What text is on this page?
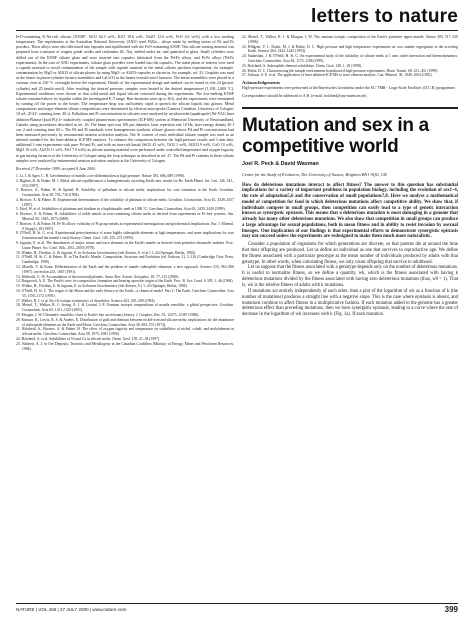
letters to nature

FeO-containing K-Na-rich silicate ('KNSF': SiO2 64.3 wt%, K2O 18.6 wt%, Na2O 12.6 wt%, FeO 4.6 wt%) with a low melting temperature. The experiments at the Australian National University (ANU) used H2Ge... alloys made by melting mixes of Pd and Fe powders. These alloys were also fabricated into capsules and equilibrated with the FeO-containing KNSF. This silicate starting material was prepared from a mixture of reagent grade oxides and carbonates (K, Na), melted under air, and quenched to glass. Small cylinders were drilled out of the KNSF silicate glass and were inserted into capsules fabricated from the Pd-Fe alloys, and Pt-Fe alloys (Pd-Fe experiments). In the case of ANU experiments, silicate glass powders were loaded into the capsules. The metal phase of interest were used a capsule material to avoid contamination of the sample with capsule material in the metal–silicate partition experiments; for example, contamination by MgO or Al2O3 of silicate phases by using MgO- or Al2O3-capsules as shown in, for example, ref. 23. Graphite was used as the heater in piston-cylinder furnace assemblies and LaCrO3 as the heater in multi-anvil furnaces. The entire assemblies were placed in a vacuum oven at 230 °C overnight before the experiment. Details of the experimental design and method can be found in refs 24 (piston-cylinder) and 25 (multi-anvil). After reaching the desired pressure, samples were heated to the desired temperatures (1,100–1,600 °C). Experimental conditions were chosen so that solid metal and liquid silicate coexisted during the experiments. The low-melting KNSF silicate remained above its liquidus within the investigated P–T range. Run durations were up to 36 h, and the experiments were terminated by turning off the power to the heater. The temperature drop was sufficiently rapid to quench the silicate liquids into glasses. Metal compositions and major-element silicate compositions were determined by electron microprobe (Cameca Camebax, University of Cologne; 10 nA, 20 kV, counting time: 40 s). Palladium and Pt concentrations in silicates were analysed by an ultraviolet (quadrupole) Nd-YAG laser ablation-Plasma Quad PQ-2+ inductively coupled plasma-mass spectrometer (ICP-MS) system at Memorial University of Newfoundland, Canada, using procedures described in ref. 26. The beam spot was 100 μm diameter, laser repetition rate 10 Hz, laser energy density 40 J cm−2 and counting time 60 s. The Pd and Pt standards were homogeneous synthetic silicate glasses whose Pd and Pt concentrations had been measured previously by instrumental neutron activation analysis. The Si content of each individual silicate sample was used as an internal standard for the laser-ablation ICP-MS analyses. To enhance the comparison between the high-pressure results and 1-atm data, additional 1-atm experiments with pure Pd and Pt, and with an iron-rich basalt (SiO2 45 wt%, TiO2 1 wt%, Al2O3 9 wt%, CaO 10 wt%, MgO 10 wt%, Al2O3 11 wt%, FeO 7.0 wt%) as silicate starting material were performed under controlled temperature and oxygen fugacity in gas mixing furnaces at the University of Cologne using the loop technique as described in ref. 27. The Pd and Pt contents in these silicate samples were analysed by instrumental neutron activation analysis at the University of Cologne.

Received 27 December 1999; accepted 8 June 2000.

1. Li, J. & Agee, C. B. Geochemistry of mantle–core differentiation at high pressure. Nature 381, 686–689 (1996).
2. Righter, K. & Drake, M. J. Metal–silicate equilibrium in a homogeneously accreting Earth: new results for Re. Earth Planet. Sci. Lett. 146, 541–553 (1997).
3. Borisov, A., Palme, H. & Spettel, B. Solubility of palladium in silicate melts: implications for core formation in the Earth. Geochim. Cosmochim. Acta 58, 705–716 (1994).
4. Borisov, A. & Palme, H. Experimental determination of the solubility of platinum in silicate melts. Geochim. Cosmochim. Acta 61, 4349–4357 (1997).
5. Ertel, W. et al. Solubilities of platinum and rhodium in a haplobasaltic melt at 1300 °C. Geochim. Cosmochim. Acta 63, 2439–2449 (1999).
6. Borisov, A. & Palme, H. Solubilities of noble metals in iron-containing silicate melts as derived from experiments in Fe-free systems. Am. Mineral. 85, 1665–1673 (2000).
7. Borisov, A. & Palme, H. Fe-Ni alloys: volatility of Pt group metals in experimental investigations and geochemical implications. Eur. J. Mineral. 9 (Suppl.), 49 (1997).
8. O'Neill, H. St. C. et al. Experimental petrochemistry of some highly siderophile elements at high temperatures, and some implications for core formation and the mantle's early history. Chem. Geol. 120, 255–273 (1995).
9. Jagoutz, E. et al. The abundances of major, minor and trace elements in the Earth's mantle as derived from primitive ultramafic nodules. Proc. Lunar Planet. Sci. Conf. 10th, 2031–2050 (1979).
10. Wänke, H., Dreibus, G. & Jagoutz, E. in Archaean Geochemistry (eds Kröner, A. et al.) 1–24 (Springer, Berlin, 1984).
11. O'Neill, H. St. C. & Palme, H. in The Earth's Mantle, Composition, Structure and Evolution (ed. Jackson, I.), 3–126 (Cambridge Univ. Press, Cambridge, 1998).
12. Morelli, V. & Kunn. Differentiation of the Earth and the problem of mantle siderophile elements: a new approach. Science 233, 963–966 (1997); correction 233, 1667 (1991).
13. Wetherill, G. W. Accumulation of the terrestrial planets. Annu. Rev. Astron. Astrophys. 18, 77–113 (1980).
14. Ringwood, A. E. The Earth's core: its composition, formation and bearing upon the origin of the Earth. Proc. R. Soc. Lond. A 395, 1–46 (1984).
15. Wänke, H., Dreibus, G. & Jagoutz, E. in Archaean Geochemistry (eds Kröner, A.) 1–24 (Springer, Berlin, 1984).
16. O'Neill, H. St. C. The origin of the Moon and the early history of the Earth—a chemical model. Part 2: The Earth. Geochim. Cosmochim. Acta 55, 1159–1172 (1991).
17. Walker, R. J. et al. Re–Os isotope systematics of chondrites. Science 263, 205–209 (1994).
18. Meisel, T., Walker, R. J., Irving, A. J. & Lorand, J.-P. Osmium isotopic compositions of mantle xenoliths: a global perspective. Geochim. Cosmochim. Acta 65, 1311–1323 (2001).
19. Morgan, J. W. Ultramafic xenoliths: clues to Earth's late accretionary history. J. Geophys. Res. 91, 12375–12387 (1986).
20. Kimura, K., Lewis, R. S. & Anders, E. Distribution of gold and rhenium between nickel-iron and silicate melts: implications for the abundance of siderophile elements on the Earth and Moon. Geochim. Cosmochim. Acta 38, 683–701 (1974).
21. Holzheid, A., Borisov, A. & Palme, H. The effect of oxygen fugacity and temperature on solubilities of nickel, cobalt, and molybdenum in silicate melts. Geochim. Cosmochim. Acta 58, 1975–1981 (1994).
22. Holzheid, A. et al. Solubilities of Ni and Co in silicate melts. Chem. Geol. 139, 21–38 (1997).
23. Naldrett, A. J. in Ore Deposits, Tectonics and Metallogeny in the Canadian Cordillera (Ministry of Energy, Mines and Petroleum Resources, 1994).
22. Meisel, T., Walker, R. J. & Morgan, J. W. The osmium isotopic composition of the Earth's primitive upper mantle. Nature 383, 517–520 (1996).
23. Hillgren, V. J., Drake, M. J. & Rubie, D. C. High pressure and high temperature experiments on core–mantle segregation in the accreting Earth. Science 264, 1442–1445 (1994).
24. Sudarshan, J. & O'Neill, H. St. C. An experimental study of the solubility of silicate melts at 1 atm: oxide interaction and thermodynamics. Geochim. Cosmochim. Acta 63, 1173–1186 (1999).
25. Holzheid, A. Siderophile element solubilities. Chem. Geol. 149, 1–18 (1998).
26. Rubie, D. C. Characterising the sample environment in multianvil high-pressure experiments. Phase Transit. 68, 431–451 (1999).
27. Jackson, S. E. et al. The application of laser ablation-ICP-MS to trace element analysis. Can. Mineral. 30, 1049–1064 (1992).

Acknowledgements

High-pressure experiments were performed at the Bayerisches Geoinstitut under the EU 'TMR - Large Scale Facilities' (D.C.R.) programme.

Correspondence should be addressed to A.H. (e-mail: holzheid@uni-muenster.de).

Mutation and sex in a competitive world

Joel R. Peck & David Waxman

Centre for the Study of Evolution, The University of Sussex, Brighton BN1 9QG, UK

How do deleterious mutations interact to affect fitness? The answer to this question has substantial implications for a variety of important problems in population biology, including the evolution of sex1–4, the rate of adaptation5,6 and the conservation of small populations7,8. Here we analyse a mathematical model of competition for food in which deleterious mutations affect competitive ability. We show that, if individuals compete in small groups, then competition can easily lead to a type of genetic interaction known as synergistic epistasis. This means that a deleterious mutation is most damaging in a genome that already has many other deleterious mutations. We also show that competition in small groups can produce a large advantage for sexual populations, both in mean fitness and in ability to resist invasion by asexual lineages. One implication of our findings is that experimental efforts to demonstrate synergistic epistasis may not succeed unless the experiments are redesigned to make them much more naturalistic.

Consider a population of organisms for which generations are discrete, so that parents die at around the time that their offspring are produced. Let us define an individual as one that survives to reproductive age. We define the fitness associated with a particular genotype as the mean number of individuals produced by adults with that genotype. In other words, when calculating fitness, we only count offspring that survive to adulthood.

Let us suppose that the fitness associated with a genotype depends only on the number of deleterious mutations. It is useful to normalize fitness, so we define a quantity, wk, which is the fitness associated with having k deleterious mutations divided by the fitness associated with having zero deleterious mutations (thus, w0 = 1). That is, wk is the relative fitness of adults with k mutations.

If mutations act entirely independently of each other, then a plot of the logarithm of wk as a function of k (the number of mutations) produces a straight line with a negative slope. This is the case where epistasis is absent, and mutations combine to affect fitness in a multiplicative fashion. If each mutation added to the genome has a greater deleterious effect than preceding mutations, then we have synergistic epistasis, leading to a curve where the rate of decrease in the logarithm of wk increases with k (Fig. 1a). If each mutation

NATURE | VOL 406 | 27 JULY 2000 | www.nature.com	399
